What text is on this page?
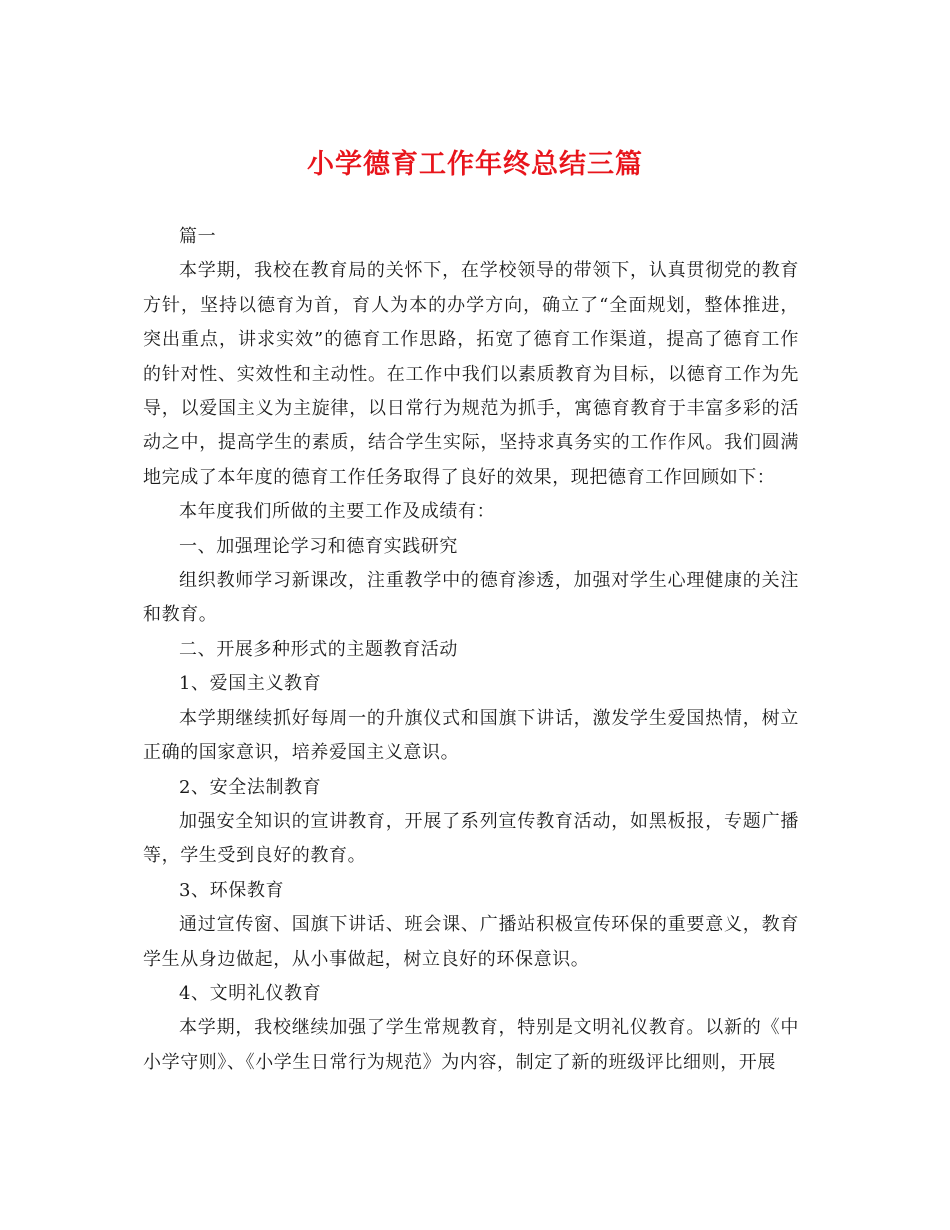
小学德育工作年终总结三篇

篇一

本学期，我校在教育局的关怀下，在学校领导的带领下，认真贯彻党的教育方针，坚持以德育为首，育人为本的办学方向，确立了“全面规划，整体推进，突出重点，讲求实效”的德育工作思路，拓宽了德育工作渠道，提高了德育工作的针对性、实效性和主动性。在工作中我们以素质教育为目标，以德育工作为先导，以爱国主义为主旋律，以日常行为规范为抓手，寓德育教育于丰富多彩的活动之中，提高学生的素质，结合学生实际，坚持求真务实的工作作风。我们圆满地完成了本年度的德育工作任务取得了良好的效果，现把德育工作回顾如下：

本年度我们所做的主要工作及成绩有：

一、加强理论学习和德育实践研究

组织教师学习新课改，注重教学中的德育渗透，加强对学生心理健康的关注和教育。

二、开展多种形式的主题教育活动

1、爱国主义教育

本学期继续抓好每周一的升旗仪式和国旗下讲话，激发学生爱国热情，树立正确的国家意识，培养爱国主义意识。

2、安全法制教育

加强安全知识的宣讲教育，开展了系列宣传教育活动，如黑板报，专题广播等，学生受到良好的教育。

3、环保教育

通过宣传窗、国旗下讲话、班会课、广播站积极宣传环保的重要意义，教育学生从身边做起，从小事做起，树立良好的环保意识。

4、文明礼仪教育

本学期，我校继续加强了学生常规教育，特别是文明礼仪教育。以新的《中小学守则》、《小学生日常行为规范》为内容，制定了新的班级评比细则，开展
